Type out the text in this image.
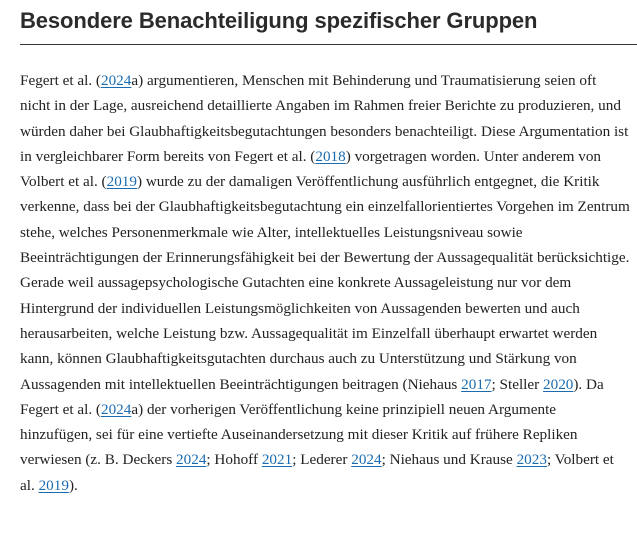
Besondere Benachteiligung spezifischer Gruppen

Fegert et al. (2024a) argumentieren, Menschen mit Behinderung und Traumatisierung seien oft nicht in der Lage, ausreichend detaillierte Angaben im Rahmen freier Berichte zu produzieren, und würden daher bei Glaubhaftigkeitsbegutachtungen besonders benachteiligt. Diese Argumentation ist in vergleichbarer Form bereits von Fegert et al. (2018) vorgetragen worden. Unter anderem von Volbert et al. (2019) wurde zu der damaligen Veröffentlichung ausführlich entgegnet, die Kritik verkenne, dass bei der Glaubhaftigkeitsbegutachtung ein einzelfallorientiertes Vorgehen im Zentrum stehe, welches Personenmerkmale wie Alter, intellektuelles Leistungsniveau sowie Beeinträchtigungen der Erinnerungsfähigkeit bei der Bewertung der Aussagequalität berücksichtige. Gerade weil aussagepsychologische Gutachten eine konkrete Aussageleistung nur vor dem Hintergrund der individuellen Leistungsmöglichkeiten von Aussagenden bewerten und auch herausarbeiten, welche Leistung bzw. Aussagequalität im Einzelfall überhaupt erwartet werden kann, können Glaubhaftigkeitsgutachten durchaus auch zu Unterstützung und Stärkung von Aussagenden mit intellektuellen Beeinträchtigungen beitragen (Niehaus 2017; Steller 2020). Da Fegert et al. (2024a) der vorherigen Veröffentlichung keine prinzipiell neuen Argumente hinzufügen, sei für eine vertiefte Auseinandersetzung mit dieser Kritik auf frühere Repliken verwiesen (z. B. Deckers 2024; Hohoff 2021; Lederer 2024; Niehaus und Krause 2023; Volbert et al. 2019).
